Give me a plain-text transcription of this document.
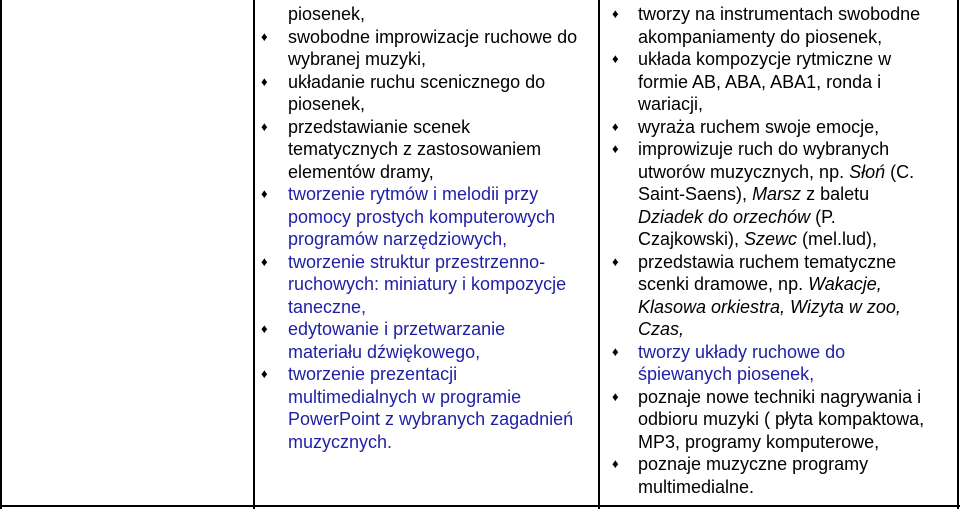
piosenek,
♦ swobodne improwizacje ruchowe do
wybranej muzyki,
♦ układanie ruchu scenicznego do
piosenek,
♦ przedstawianie scenek
tematycznych z zastosowaniem
elementów dramy,
♦ tworzenie rytmów i melodii przy
pomocy prostych komputerowych
programów narzędziowych,
♦ tworzenie struktur przestrzenno-
ruchowych: miniatury i kompozycje
taneczne,
♦ edytowanie i przetwarzanie
materiału dźwiękowego,
♦ tworzenie prezentacji
multimedialnych w programie
PowerPoint z wybranych zagadnień
muzycznych.
♦ tworzy na instrumentach swobodne
akompaniamenty do piosenek,
♦ układa kompozycje rytmiczne w
formie AB, ABA, ABA1, ronda i
wariacji,
♦ wyraża ruchem swoje emocje,
♦ improwizuje ruch do wybranych
utworów muzycznych, np. Słoń (C.
Saint-Saens), Marsz z baletu
Dziadek do orzechów (P.
Czajkowski), Szewc (mel.lud),
♦ przedstawia ruchem tematyczne
scenki dramowe, np. Wakacje,
Klasowa orkiestra, Wizyta w zoo,
Czas,
♦ tworzy układy ruchowe do
śpiewanych piosenek,
♦ poznaje nowe techniki nagrywania i
odbioru muzyki ( płyta kompaktowa,
MP3, programy komputerowe,
♦ poznaje muzyczne programy
multimedialne.
